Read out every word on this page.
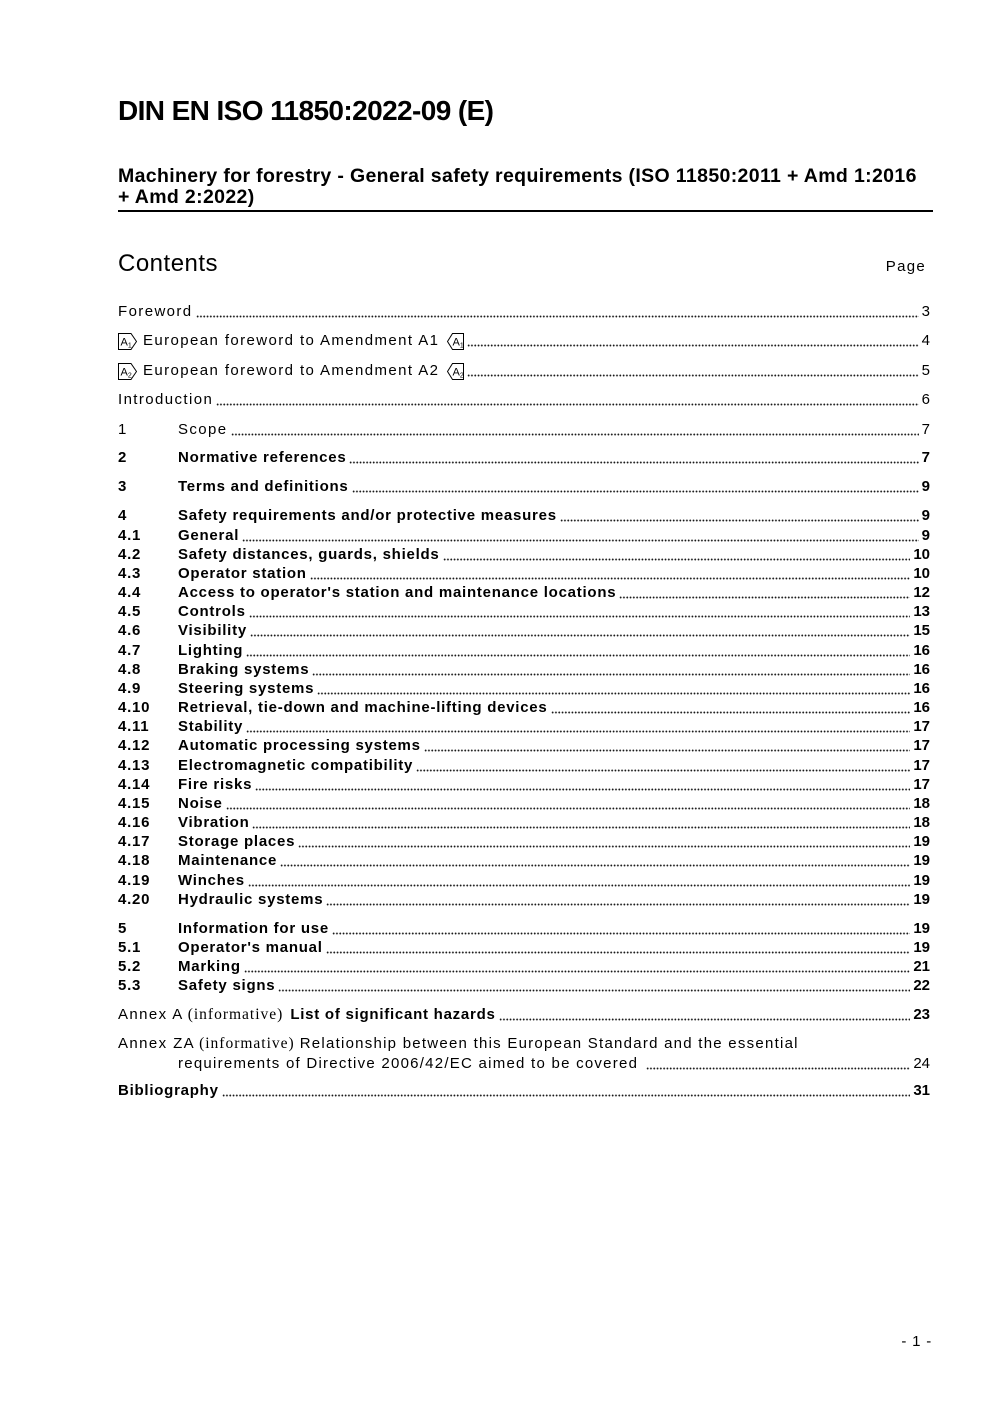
DIN EN ISO 11850:2022-09 (E)
Machinery for forestry - General safety requirements (ISO 11850:2011 + Amd 1:2016
+ Amd 2:2022)
Contents	Page
Foreword	3
A1 European foreword to Amendment A1 A1	4
A2 European foreword to Amendment A2 A2	5
Introduction	6
1	Scope	7
2	Normative references	7
3	Terms and definitions	9
4	Safety requirements and/or protective measures	9
4.1	General	9
4.2	Safety distances, guards, shields	10
4.3	Operator station	10
4.4	Access to operator's station and maintenance locations	12
4.5	Controls	13
4.6	Visibility	15
4.7	Lighting	16
4.8	Braking systems	16
4.9	Steering systems	16
4.10	Retrieval, tie-down and machine-lifting devices	16
4.11	Stability	17
4.12	Automatic processing systems	17
4.13	Electromagnetic compatibility	17
4.14	Fire risks	17
4.15	Noise	18
4.16	Vibration	18
4.17	Storage places	19
4.18	Maintenance	19
4.19	Winches	19
4.20	Hydraulic systems	19
5	Information for use	19
5.1	Operator's manual	19
5.2	Marking	21
5.3	Safety signs	22
Annex A (informative) List of significant hazards	23
Annex ZA (informative) Relationship between this European Standard and the essential
requirements of Directive 2006/42/EC aimed to be covered	24
Bibliography	31
- 1 -
